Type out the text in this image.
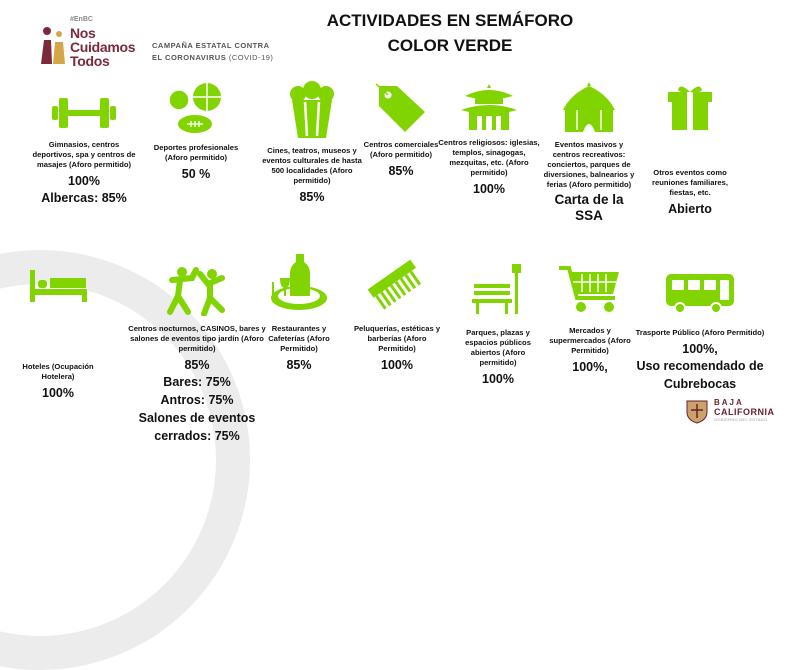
#EnBC
Nos
Cuidamos
Todos
CAMPAÑA ESTATAL CONTRA
EL CORONAVIRUS (COVID-19)
ACTIVIDADES EN SEMÁFORO
COLOR VERDE
Gimnasios, centros deportivos, spa y centros de masajes (Aforo permitido)
100%
Albercas: 85%
Deportes profesionales (Aforo permitido)
50 %
Cines, teatros, museos y eventos culturales de hasta 500 localidades (Aforo permitido)
85%
Centros comerciales (Aforo permitido)
85%
Centros religiosos: iglesias, templos, sinagogas, mezquitas, etc. (Aforo permitido)
100%
Eventos masivos y centros recreativos: conciertos, parques de diversiones, balnearios y ferias (Aforo permitido)
Carta de la SSA
Otros eventos como reuniones familiares, fiestas, etc.
Abierto
Hoteles (Ocupación Hotelera)
100%
Centros nocturnos, CASINOS, bares y salones de eventos tipo jardín (Aforo permitido)
85%
Bares: 75%
Antros: 75%
Salones de eventos cerrados: 75%
Restaurantes y Cafeterías (Aforo Permitido)
85%
Peluquerías, estéticas y barberías (Aforo Permitido)
100%
Parques, plazas y espacios públicos abiertos (Aforo permitido)
100%
Mercados y supermercados (Aforo Permitido)
100%,
Trasporte Público (Aforo Permitido)
100%,
Uso recomendado de Cubrebocas
BAJA
CALIFORNIA
GOBIERNO DEL ESTADO
